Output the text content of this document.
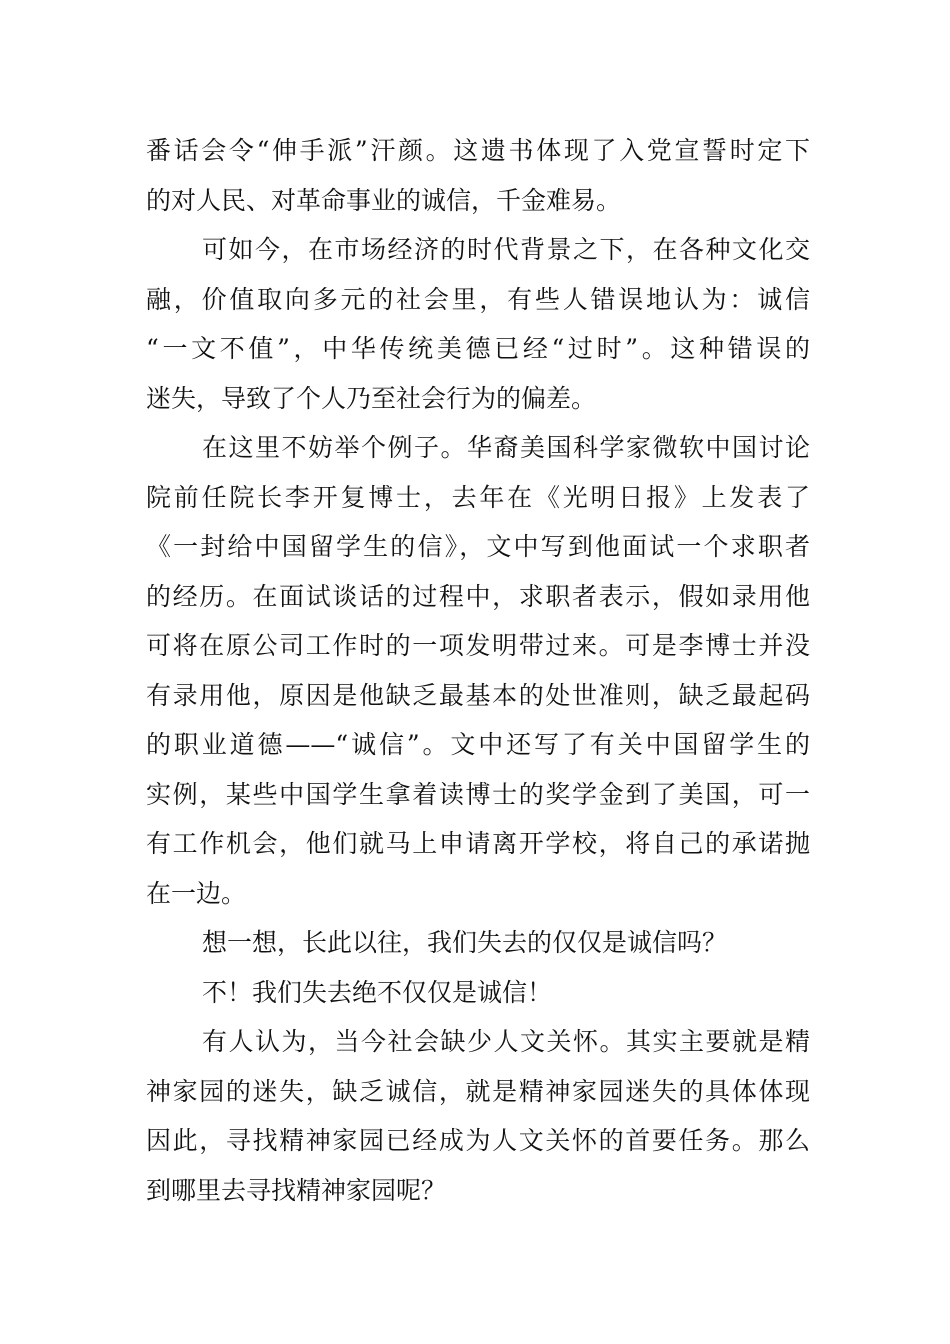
番话会令“伸手派”汗颜。这遗书体现了入党宣誓时定下
的对人民、对革命事业的诚信，千金难易。
可如今，在市场经济的时代背景之下，在各种文化交
融，价值取向多元的社会里，有些人错误地认为：诚信
“一文不值”，中华传统美德已经“过时”。这种错误的
迷失，导致了个人乃至社会行为的偏差。
在这里不妨举个例子。华裔美国科学家微软中国讨论
院前任院长李开复博士，去年在《光明日报》上发表了
《一封给中国留学生的信》，文中写到他面试一个求职者
的经历。在面试谈话的过程中，求职者表示，假如录用他
可将在原公司工作时的一项发明带过来。可是李博士并没
有录用他，原因是他缺乏最基本的处世准则，缺乏最起码
的职业道德——“诚信”。文中还写了有关中国留学生的
实例，某些中国学生拿着读博士的奖学金到了美国，可一
有工作机会，他们就马上申请离开学校，将自己的承诺抛
在一边。
想一想，长此以往，我们失去的仅仅是诚信吗？
不！我们失去绝不仅仅是诚信！
有人认为，当今社会缺少人文关怀。其实主要就是精
神家园的迷失，缺乏诚信，就是精神家园迷失的具体体现
因此，寻找精神家园已经成为人文关怀的首要任务。那么
到哪里去寻找精神家园呢？
